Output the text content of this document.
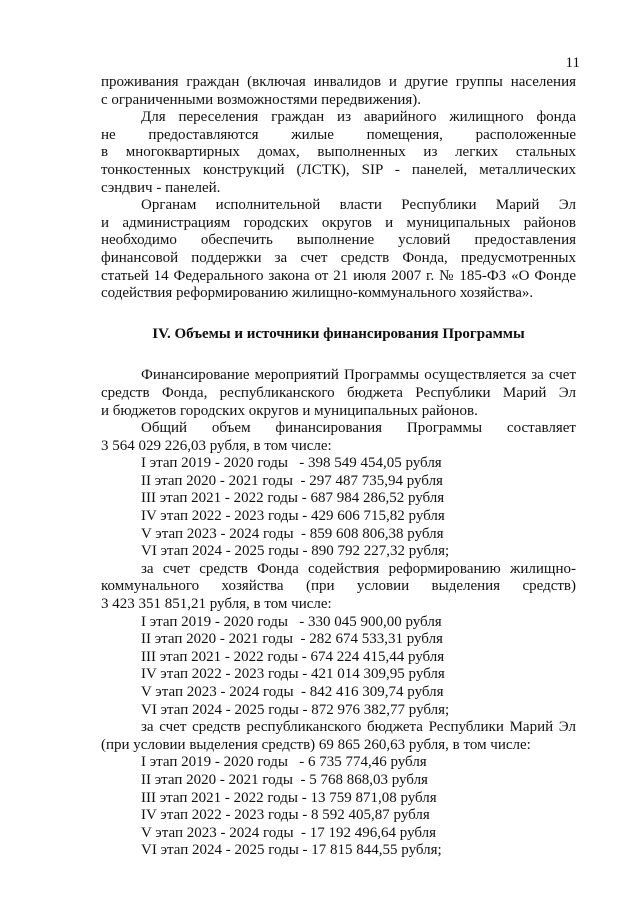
11

проживания граждан (включая инвалидов и другие группы населения

с ограниченными возможностями передвижения).

Для переселения граждан из аварийного жилищного фонда

не предоставляются жилые помещения, расположенные

в многоквартирных домах, выполненных из легких стальных

тонкостенных конструкций (ЛСТК), SIP - панелей, металлических

сэндвич - панелей.

Органам исполнительной власти Республики Марий Эл

и администрациям городских округов и муниципальных районов

необходимо обеспечить выполнение условий предоставления

финансовой поддержки за счет средств Фонда, предусмотренных

статьей 14 Федерального закона от 21 июля 2007 г. № 185-ФЗ «О Фонде

содействия реформированию жилищно-коммунального хозяйства».

IV. Объемы и источники финансирования Программы

Финансирование мероприятий Программы осуществляется за счет

средств Фонда, республиканского бюджета Республики Марий Эл

и бюджетов городских округов и муниципальных районов.

Общий объем финансирования Программы составляет

3 564 029 226,03 рубля, в том числе:

I этап 2019 - 2020 годы   - 398 549 454,05 рубля

II этап 2020 - 2021 годы  - 297 487 735,94 рубля

III этап 2021 - 2022 годы - 687 984 286,52 рубля

IV этап 2022 - 2023 годы - 429 606 715,82 рубля

V этап 2023 - 2024 годы  - 859 608 806,38 рубля

VI этап 2024 - 2025 годы - 890 792 227,32 рубля;

за счет средств Фонда содействия реформированию жилищно-

коммунального хозяйства (при условии выделения средств)

3 423 351 851,21 рубля, в том числе:

I этап 2019 - 2020 годы   - 330 045 900,00 рубля

II этап 2020 - 2021 годы  - 282 674 533,31 рубля

III этап 2021 - 2022 годы - 674 224 415,44 рубля

IV этап 2022 - 2023 годы - 421 014 309,95 рубля

V этап 2023 - 2024 годы  - 842 416 309,74 рубля

VI этап 2024 - 2025 годы - 872 976 382,77 рубля;

за счет средств республиканского бюджета Республики Марий Эл

(при условии выделения средств) 69 865 260,63 рубля, в том числе:

I этап 2019 - 2020 годы   - 6 735 774,46 рубля

II этап 2020 - 2021 годы  - 5 768 868,03 рубля

III этап 2021 - 2022 годы - 13 759 871,08 рубля

IV этап 2022 - 2023 годы - 8 592 405,87 рубля

V этап 2023 - 2024 годы  - 17 192 496,64 рубля

VI этап 2024 - 2025 годы - 17 815 844,55 рубля;
